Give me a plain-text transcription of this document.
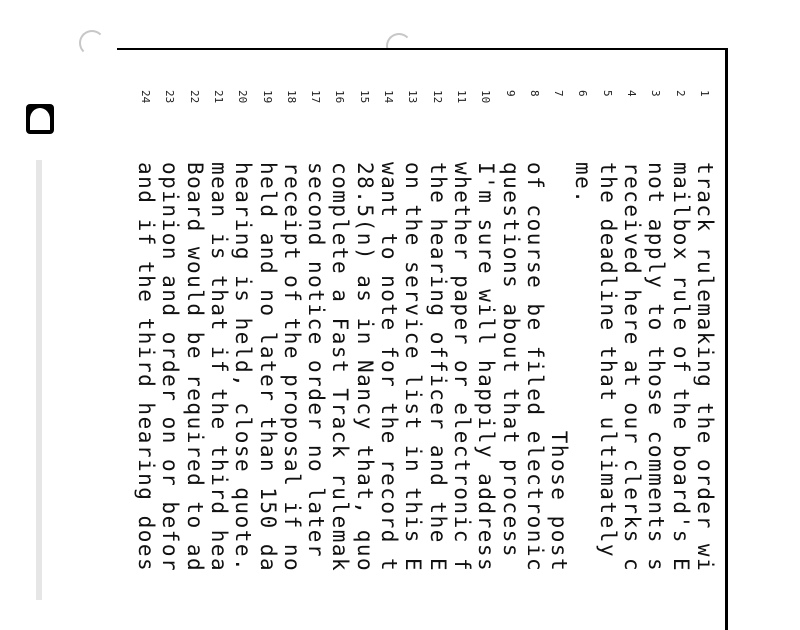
1
track rulemaking the order wi
2
mailbox rule of the board's E
3
not apply to those comments s
4
received here at our clerks c
5
the deadline that ultimately
6
me.
7
Those post
8
of course be filed electronic
9
questions about that process
10
I'm sure will happily address
11
whether paper or electronic f
12
the hearing officer and the E
13
on the service list in this E
14
want to note for the record t
15
28.5(n) as in Nancy that, quo
16
complete a Fast Track rulemak
17
second notice order no later
18
receipt of the proposal if no
19
held and no later than 150 da
20
hearing is held, close quote.
21
mean is that if the third hea
22
Board would be required to ad
23
opinion and order on or befor
24
and if the third hearing does
